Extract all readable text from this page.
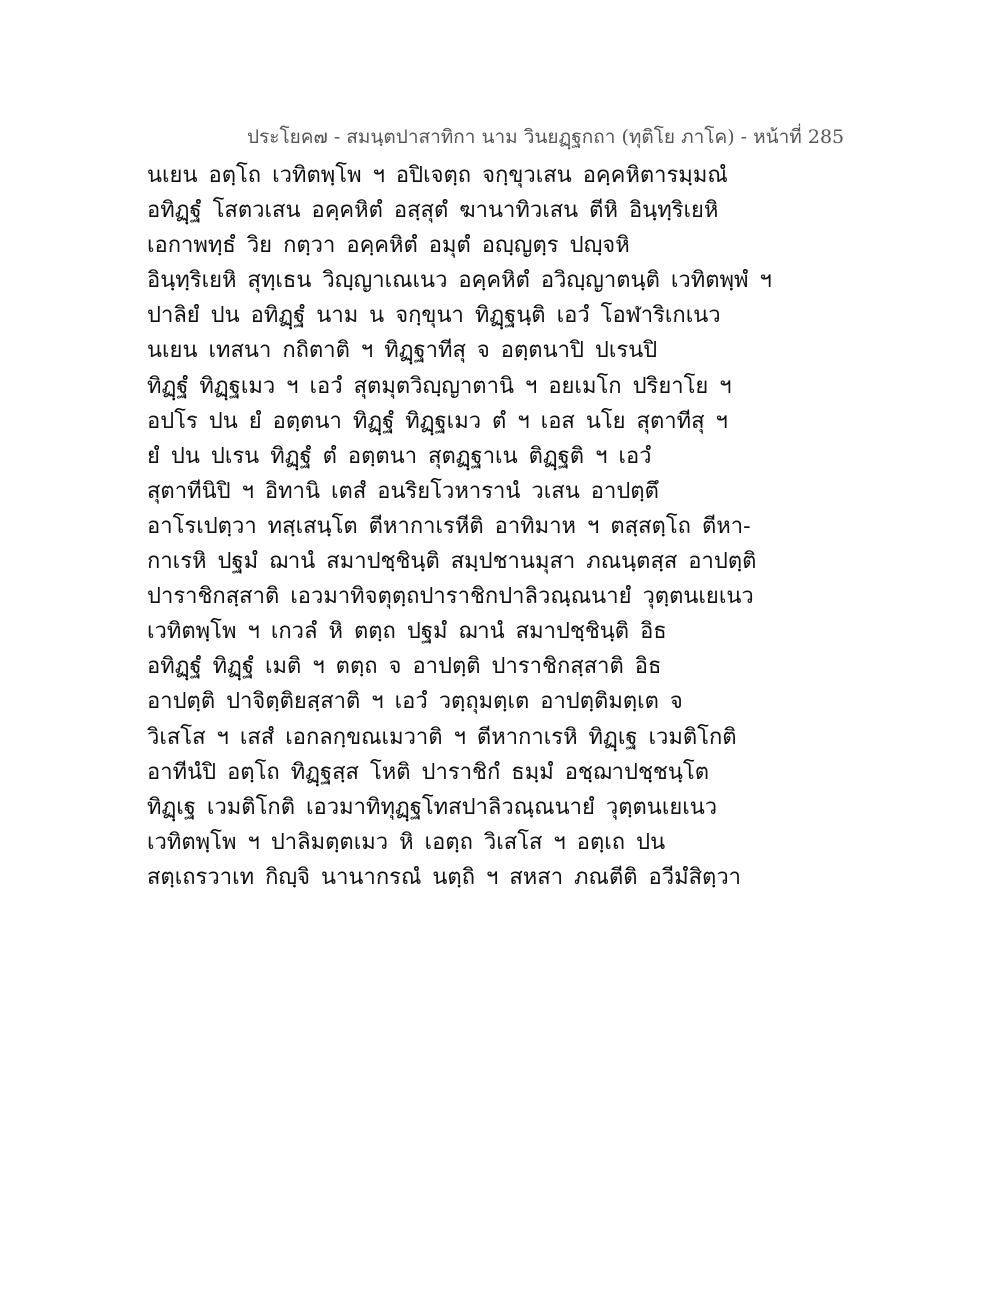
ประโยค๗ - สมนฺตปาสาทิกา นาม วินยฏฺฐกถา (ทุติโย ภาโค) - หน้าที่ 285
นเยน อตฺโถ เวทิตพฺโพ ฯ อปิเจตฺถ จกฺขุวเสน อคฺคหิตารมฺมณํ
อทิฏฺฐํ โสตวเสน อคฺคหิตํ อสฺสุตํ ฆานาทิวเสน ตีหิ อินฺทฺริเยหิ
เอกาพทฺธํ วิย กตฺวา อคฺคหิตํ อมุตํ อญฺญตฺร ปญฺจหิ
อินฺทฺริเยหิ สุทฺเธน วิญฺญาเณเนว อคฺคหิตํ อวิญฺญาตนฺติ เวทิตพฺพํ ฯ
ปาลิยํ ปน อทิฏฺฐํ นาม น จกฺขุนา ทิฏฺฐนฺติ เอวํ โอฬาริเกเนว
นเยน เทสนา กถิตาติ ฯ ทิฏฺฐาทีสุ จ อตฺตนาปิ ปเรนปิ
ทิฏฺฐํ ทิฏฺฐเมว ฯ เอวํ สุตมุตวิญฺญาตานิ ฯ อยเมโก ปริยาโย ฯ
อปโร ปน ยํ อตฺตนา ทิฏฺฐํ ทิฏฺฐเมว ตํ ฯ เอส นโย สุตาทีสุ ฯ
ยํ ปน ปเรน ทิฏฺฐํ ตํ อตฺตนา สุตฏฺฐาเน ติฏฺฐติ ฯ เอวํ
สุตาทีนิปิ ฯ อิทานิ เตสํ อนริยโวหารานํ วเสน อาปตฺตึ
อาโรเปตฺวา ทสฺเสนฺโต ตีหากาเรหีติ อาทิมาห ฯ ตสฺสตฺโถ ตีหา-
กาเรหิ ปฐมํ ฌานํ สมาปชฺชินฺติ สมฺปชานมุสา ภณนฺตสฺส อาปตฺติ
ปาราชิกสฺสาติ เอวมาทิจตุตฺถปาราชิกปาลิวณฺณนายํ วุตฺตนเยเนว
เวทิตพฺโพ ฯ เกวลํ หิ ตตฺถ ปฐมํ ฌานํ สมาปชฺชินฺติ อิธ
อทิฏฺฐํ ทิฏฺฐํ เมติ ฯ ตตฺถ จ อาปตฺติ ปาราชิกสฺสาติ อิธ
อาปตฺติ ปาจิตฺติยสฺสาติ ฯ เอวํ วตฺถุมตฺเต อาปตฺติมตฺเต จ
วิเสโส ฯ เสสํ เอกลกฺขณเมวาติ ฯ ตีหากาเรหิ ทิฏฺเฐ เวมติโกติ
อาทีนํปิ อตฺโถ ทิฏฺฐสฺส โหติ ปาราชิกํ ธมฺมํ อชฺฌาปชฺชนฺโต
ทิฏฺเฐ เวมติโกติ เอวมาทิทุฏฺฐโทสปาลิวณฺณนายํ วุตฺตนเยเนว
เวทิตพฺโพ ฯ ปาลิมตฺตเมว หิ เอตฺถ วิเสโส ฯ อตฺเถ ปน
สตฺเถรวาเท กิญฺจิ นานากรณํ นตฺถิ ฯ สหสา ภณตีติ อวีมํสิตฺวา
